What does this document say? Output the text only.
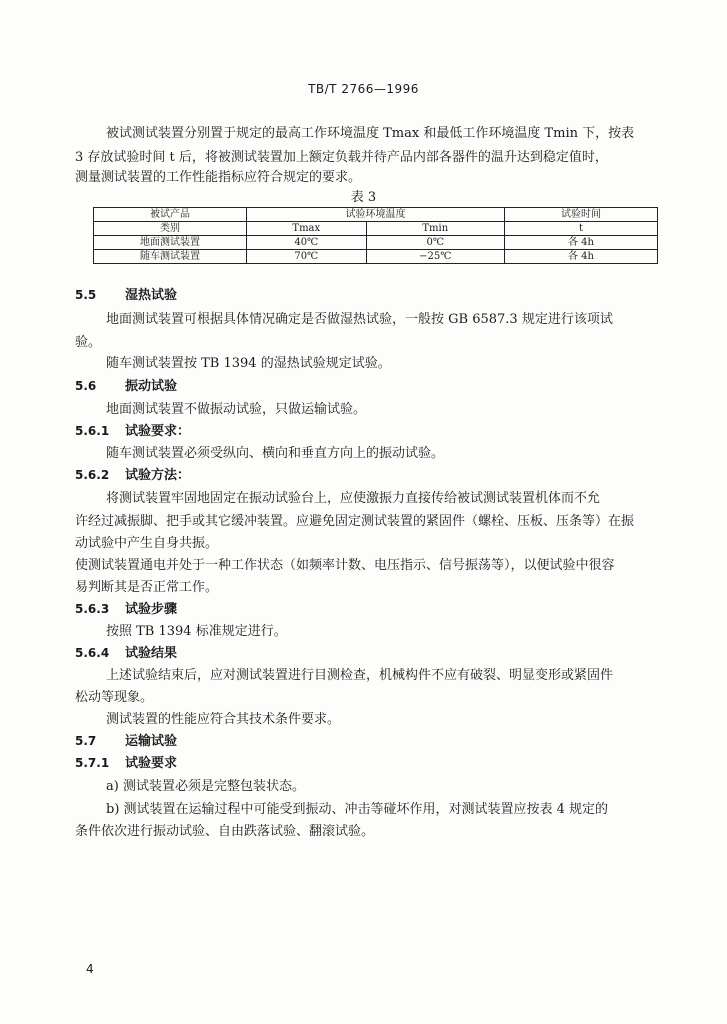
TB/T 2766—1996
被试测试装置分别置于规定的最高工作环境温度 Tmax 和最低工作环境温度 Tmin 下，按表
3 存放试验时间 t 后，将被测试装置加上额定负载并待产品内部各器件的温升达到稳定值时，
测量测试装置的工作性能指标应符合规定的要求。
表 3
被试产品	试验环境温度		试验时间
类别	Tmax	Tmin	t
地面测试装置	40℃	0℃	各 4h
随车测试装置	70℃	−25℃	各 4h
5.5 湿热试验
地面测试装置可根据具体情况确定是否做湿热试验，一般按 GB 6587.3 规定进行该项试
验。
随车测试装置按 TB 1394 的湿热试验规定试验。
5.6 振动试验
地面测试装置不做振动试验，只做运输试验。
5.6.1 试验要求：
随车测试装置必须受纵向、横向和垂直方向上的振动试验。
5.6.2 试验方法：
将测试装置牢固地固定在振动试验台上，应使激振力直接传给被试测试装置机体而不允
许经过减振脚、把手或其它缓冲装置。应避免固定测试装置的紧固件（螺栓、压板、压条等）在振
动试验中产生自身共振。
使测试装置通电并处于一种工作状态（如频率计数、电压指示、信号振荡等），以便试验中很容
易判断其是否正常工作。
5.6.3 试验步骤
按照 TB 1394 标准规定进行。
5.6.4 试验结果
上述试验结束后，应对测试装置进行目测检查，机械构件不应有破裂、明显变形或紧固件
松动等现象。
测试装置的性能应符合其技术条件要求。
5.7 运输试验
5.7.1 试验要求
a) 测试装置必须是完整包装状态。
b) 测试装置在运输过程中可能受到振动、冲击等碰坏作用，对测试装置应按表 4 规定的
条件依次进行振动试验、自由跌落试验、翻滚试验。
4
